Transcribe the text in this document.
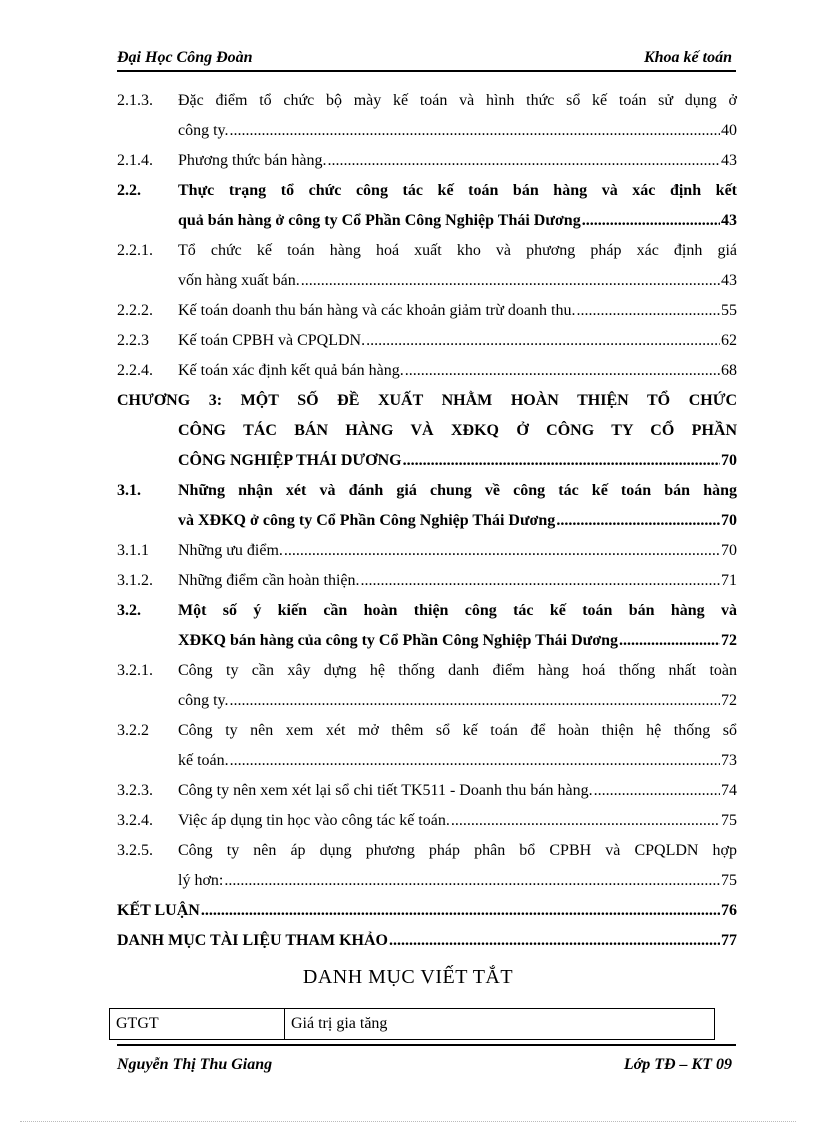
Đại Học Công Đoàn	Khoa kế toán
2.1.3. Đặc điểm tổ chức bộ mày kế toán và hình thức sổ kế toán sử dụng ở
công ty. .....	40
2.1.4. Phương thức bán hàng. .....	43
2.2. Thực trạng tổ chức công tác kế toán bán hàng và xác định kết
quả bán hàng ở công ty Cổ Phần Công Nghiệp Thái Dương .....	43
2.2.1. Tổ chức kế toán hàng hoá xuất kho và phương pháp xác định giá
vốn hàng xuất bán. .....	43
2.2.2. Kế toán doanh thu bán hàng và các khoản giảm trừ doanh thu. .....	55
2.2.3 Kế toán CPBH và CPQLDN. .....	62
2.2.4. Kế toán xác định kết quả bán hàng. .....	68
CHƯƠNG 3: MỘT SỐ ĐỀ XUẤT NHẰM HOÀN THIỆN TỔ CHỨC
CÔNG TÁC BÁN HÀNG VÀ XĐKQ Ở CÔNG TY CỔ PHẦN
CÔNG NGHIỆP THÁI DƯƠNG .....	70
3.1. Những nhận xét và đánh giá chung về công tác kế toán bán hàng
và XĐKQ ở công ty Cổ Phần Công Nghiệp Thái Dương .....	70
3.1.1 Những ưu điểm. .....	70
3.1.2. Những điểm cần hoàn thiện. .....	71
3.2. Một số ý kiến cần hoàn thiện công tác kế toán bán hàng và
XĐKQ bán hàng của công ty Cổ Phần Công Nghiệp Thái Dương .....	72
3.2.1. Công ty cần xây dựng hệ thống danh điểm hàng hoá thống nhất toàn
công ty. .....	72
3.2.2 Công ty nên xem xét mở thêm sổ kế toán để hoàn thiện hệ thống sổ
kế toán. .....	73
3.2.3. Công ty nên xem xét lại sổ chi tiết TK511 - Doanh thu bán hàng. .....	74
3.2.4. Việc áp dụng tin học vào công tác kế toán. .....	75
3.2.5. Công ty nên áp dụng phương pháp phân bổ CPBH và CPQLDN hợp
lý hơn: .....	75
KẾT LUẬN .....	76
DANH MỤC TÀI LIỆU THAM KHẢO .....	77
DANH MỤC VIẾT TẮT
GTGT	Giá trị gia tăng
Nguyễn Thị Thu Giang	Lớp TĐ – KT 09
